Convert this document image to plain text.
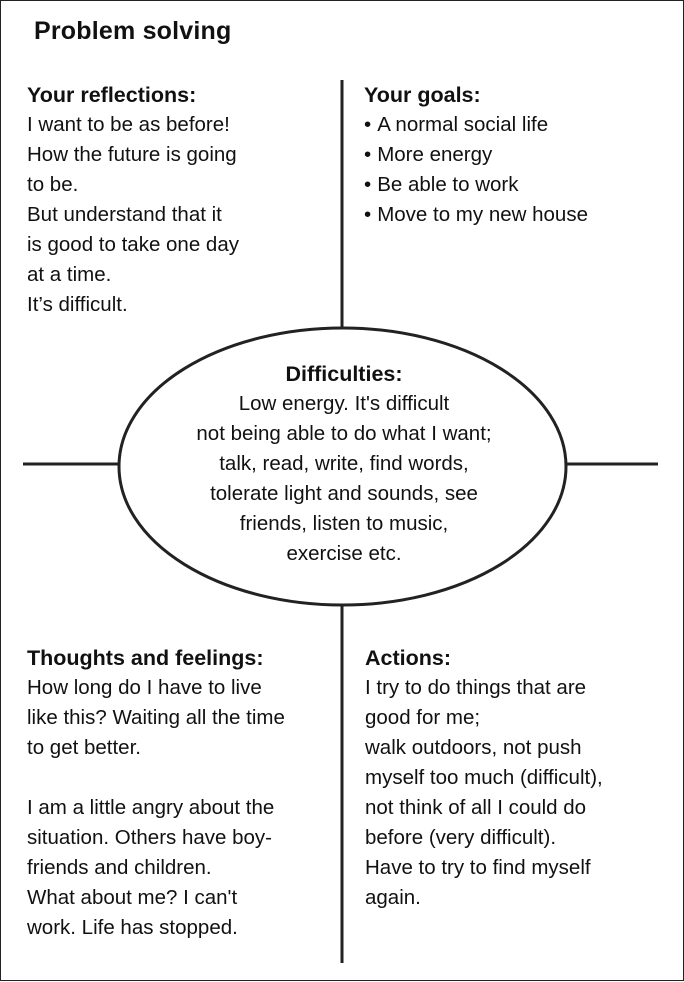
Problem solving
Your reflections:
I want to be as before!
How the future is going
to be.
But understand that it
is good to take one day
at a time.
It’s difficult.
Your goals:
• A normal social life
• More energy
• Be able to work
• Move to my new house
Difficulties:
Low energy. It's difficult
not being able to do what I want;
talk, read, write, find words,
tolerate light and sounds, see
friends, listen to music,
exercise etc.
Thoughts and feelings:
How long do I have to live
like this? Waiting all the time
to get better.
I am a little angry about the
situation. Others have boy-
friends and children.
What about me? I can't
work. Life has stopped.
Actions:
I try to do things that are
good for me;
walk outdoors, not push
myself too much (difficult),
not think of all I could do
before (very difficult).
Have to try to find myself
again.
